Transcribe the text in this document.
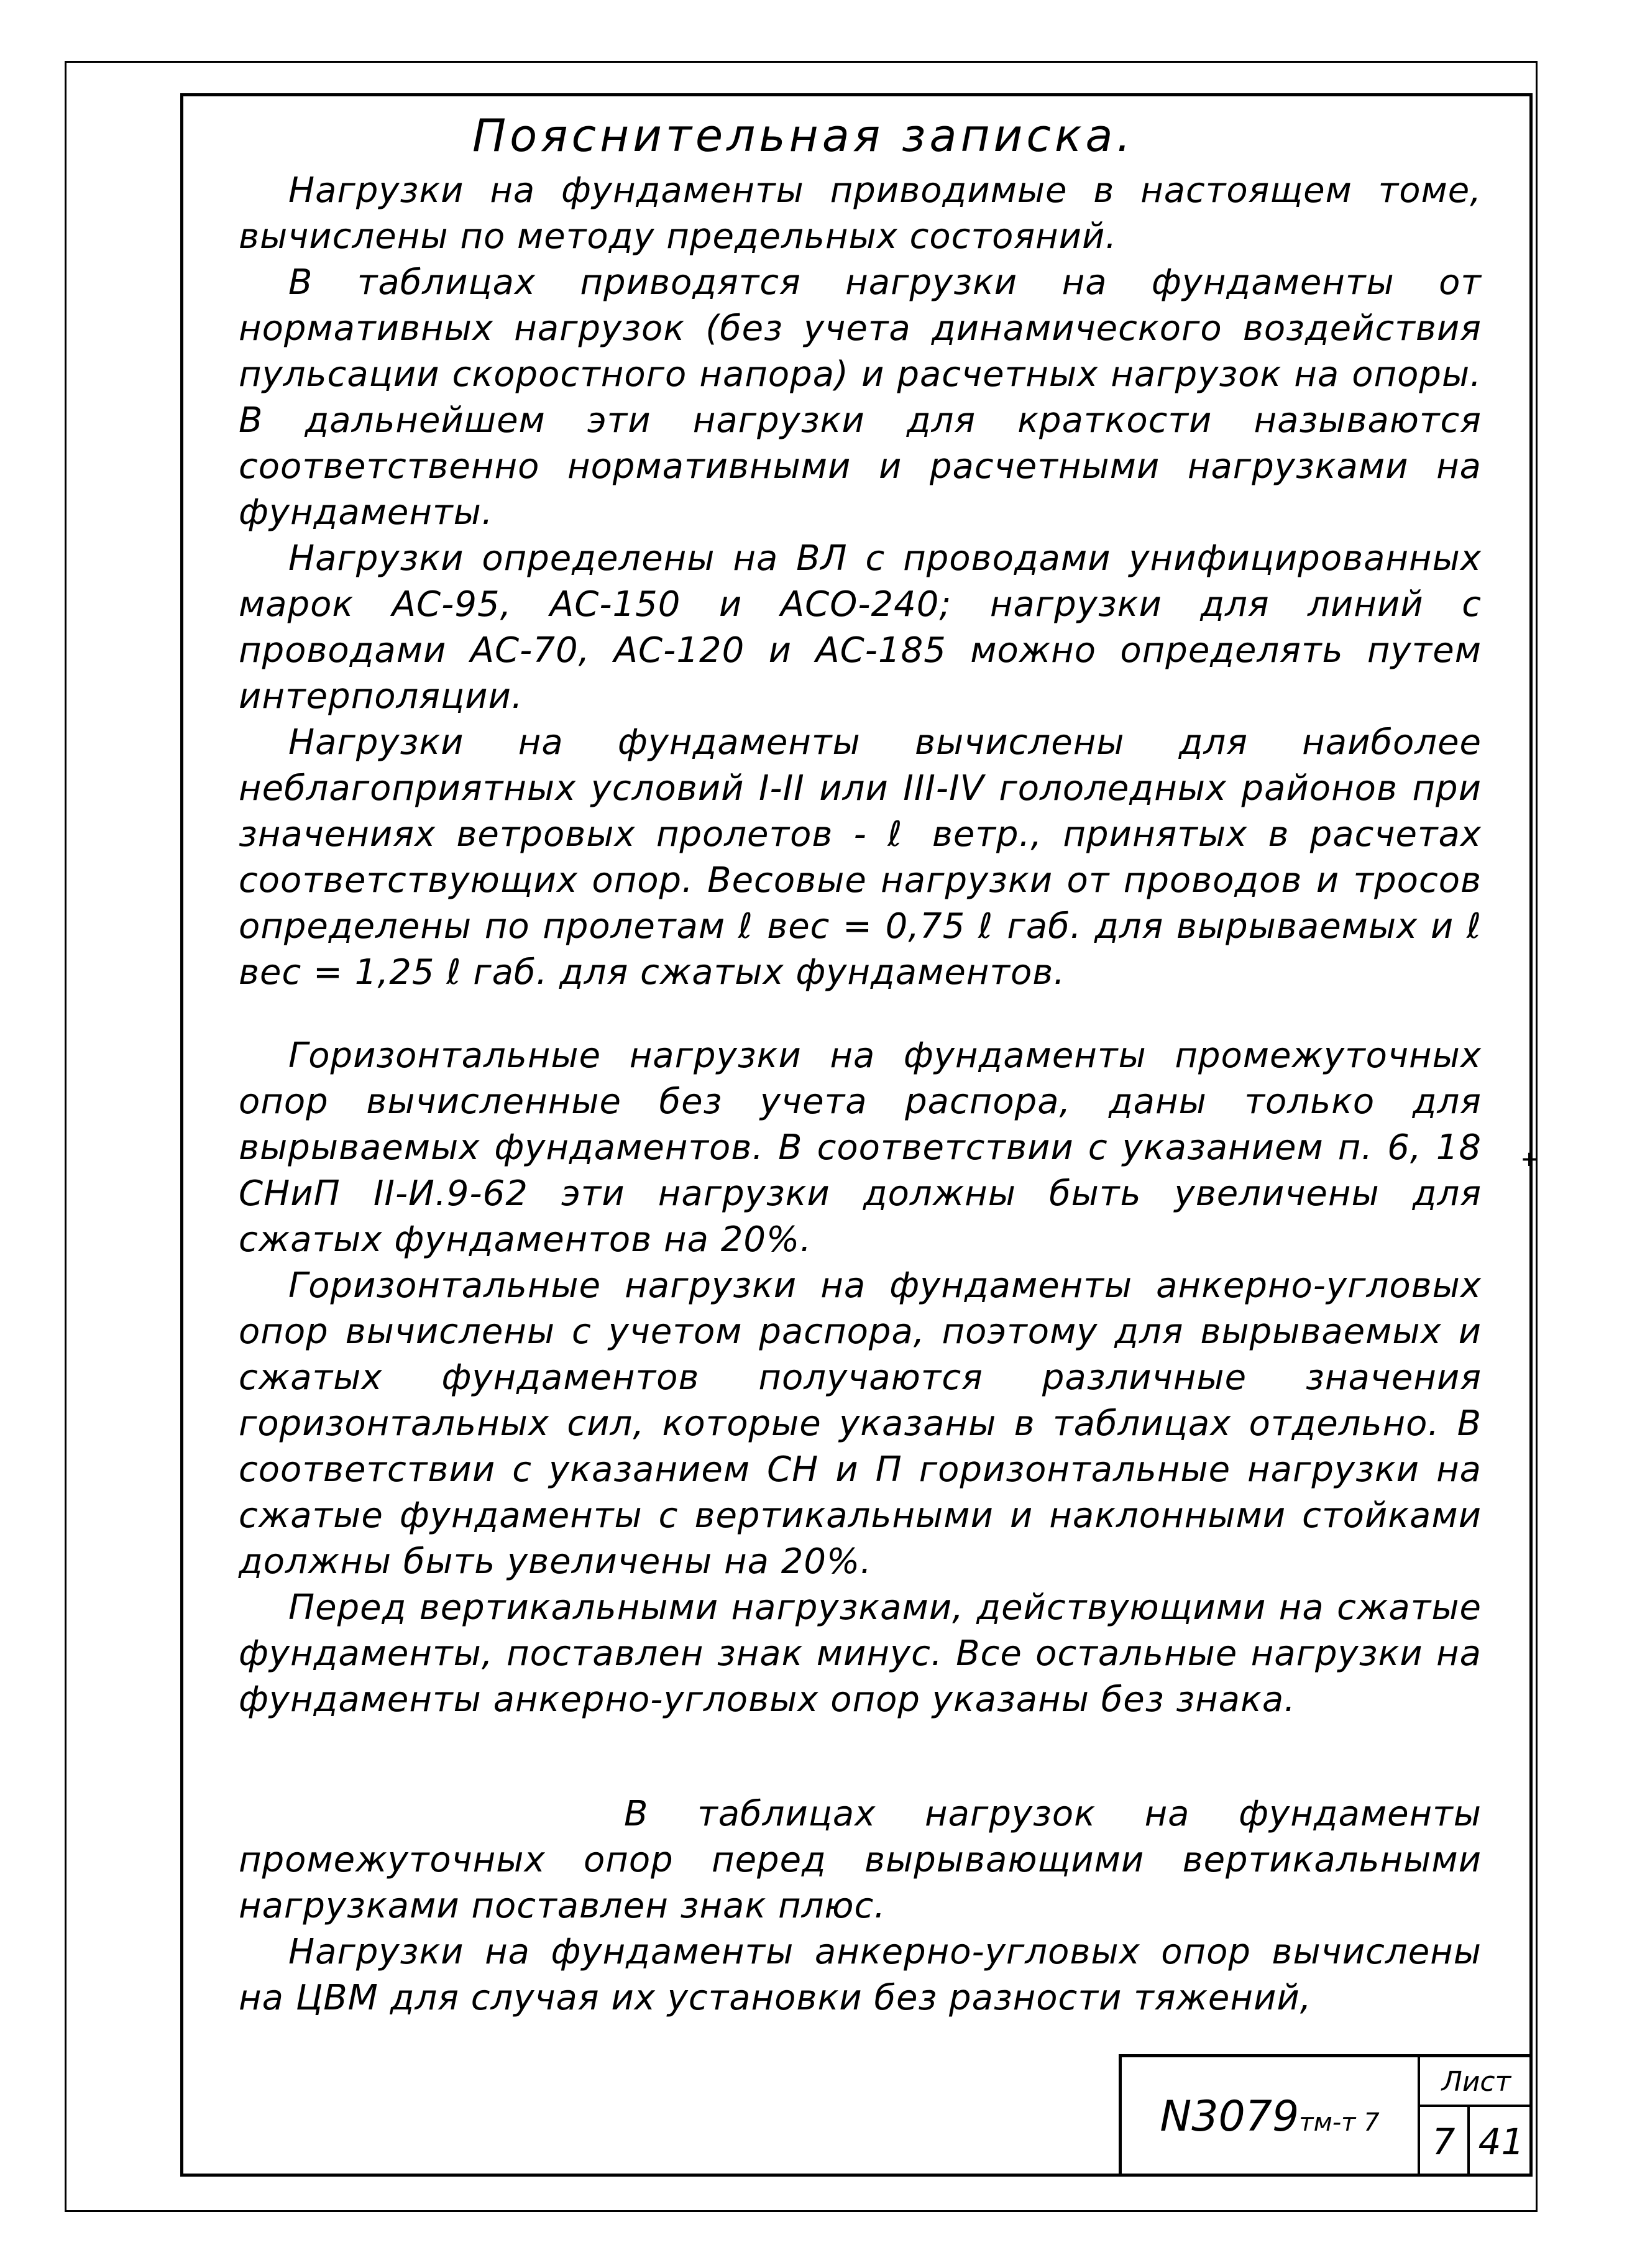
+
Пояснительная записка.

Нагрузки на фундаменты приводимые в настоящем томе, вычислены по методу предельных состояний.

В таблицах приводятся нагрузки на фундаменты от нормативных нагрузок (без учета динамического воздействия пульсации скоростного напора) и расчетных нагрузок на опоры. В дальнейшем эти нагрузки для краткости называются соответственно нормативными и расчетными нагрузками на фундаменты.

Нагрузки определены на ВЛ с проводами унифицированных марок АС-95, АС-150 и АСО-240; нагрузки для линий с проводами АС-70, АС-120 и АС-185 можно определять путем интерполяции.

Нагрузки на фундаменты вычислены для наиболее неблагоприятных условий I-II или III-IV гололедных районов при значениях ветровых пролетов - ℓ ветр., принятых в расчетах соответствующих опор. Весовые нагрузки от проводов и тросов определены по пролетам ℓ вес = 0,75 ℓ габ. для вырываемых и ℓ вес = 1,25 ℓ габ. для сжатых фундаментов.

Горизонтальные нагрузки на фундаменты промежуточных опор вычисленные без учета распора, даны только для вырываемых фундаментов. В соответствии с указанием п. 6, 18 СНиП II-И.9-62 эти нагрузки должны быть увеличены для сжатых фундаментов на 20%.

Горизонтальные нагрузки на фундаменты анкерно-угловых опор вычислены с учетом распора, поэтому для вырываемых и сжатых фундаментов получаются различные значения горизонтальных сил, которые указаны в таблицах отдельно. В соответствии с указанием СН и П горизонтальные нагрузки на сжатые фундаменты с вертикальными и наклонными стойками должны быть увеличены на 20%.

Перед вертикальными нагрузками, действующими на сжатые фундаменты, поставлен знак минус. Все остальные нагрузки на фундаменты анкерно-угловых опор указаны без знака.

В таблицах нагрузок на фундаменты промежуточных опор перед вырывающими вертикальными нагрузками поставлен знак плюс.

Нагрузки на фундаменты анкерно-угловых опор вычислены на ЦВМ для случая их установки без разности тяжений,

N3079тм-т 7
Лист
7 41
